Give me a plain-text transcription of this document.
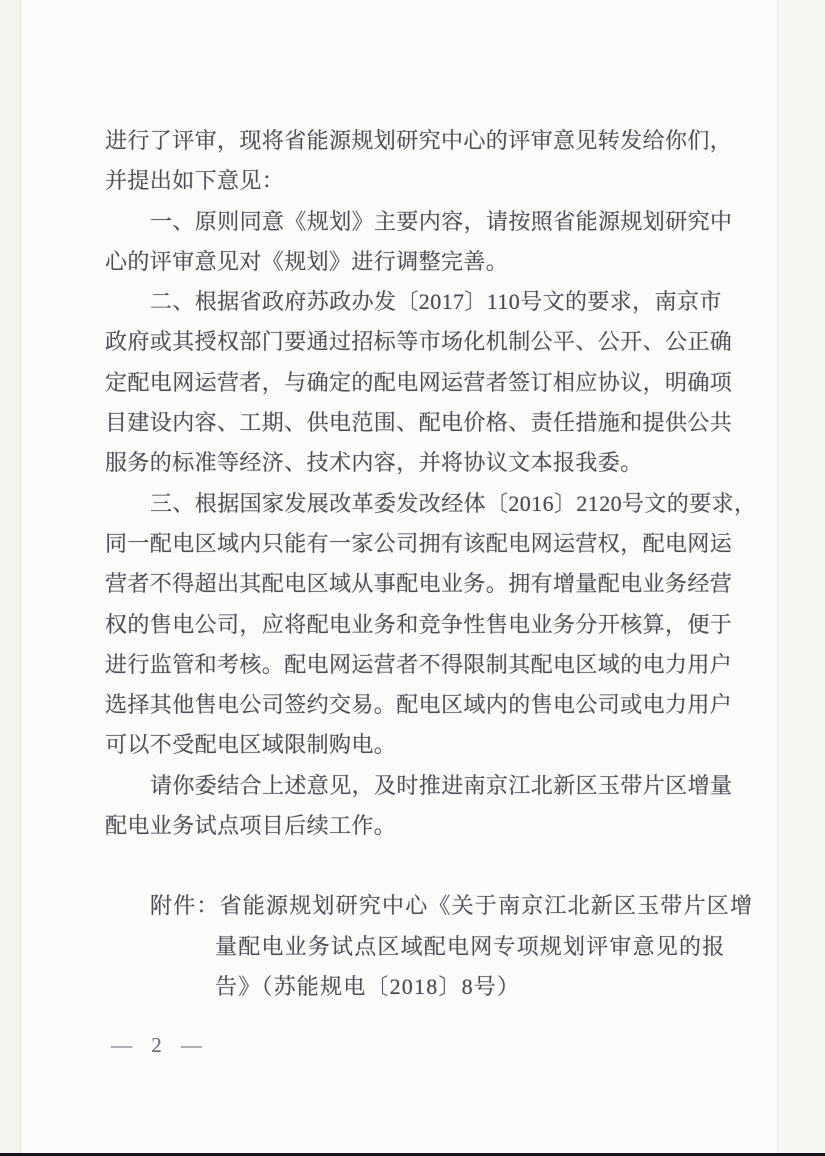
进行了评审，现将省能源规划研究中心的评审意见转发给你们，
并提出如下意见：
一、原则同意《规划》主要内容，请按照省能源规划研究中
心的评审意见对《规划》进行调整完善。
二、根据省政府苏政办发〔2017〕110号文的要求，南京市
政府或其授权部门要通过招标等市场化机制公平、公开、公正确
定配电网运营者，与确定的配电网运营者签订相应协议，明确项
目建设内容、工期、供电范围、配电价格、责任措施和提供公共
服务的标准等经济、技术内容，并将协议文本报我委。
三、根据国家发展改革委发改经体〔2016〕2120号文的要求，
同一配电区域内只能有一家公司拥有该配电网运营权，配电网运
营者不得超出其配电区域从事配电业务。拥有增量配电业务经营
权的售电公司，应将配电业务和竞争性售电业务分开核算，便于
进行监管和考核。配电网运营者不得限制其配电区域的电力用户
选择其他售电公司签约交易。配电区域内的售电公司或电力用户
可以不受配电区域限制购电。
请你委结合上述意见，及时推进南京江北新区玉带片区增量
配电业务试点项目后续工作。
附件：省能源规划研究中心《关于南京江北新区玉带片区增
量配电业务试点区域配电网专项规划评审意见的报
告》（苏能规电〔2018〕8号）
— 2 —
